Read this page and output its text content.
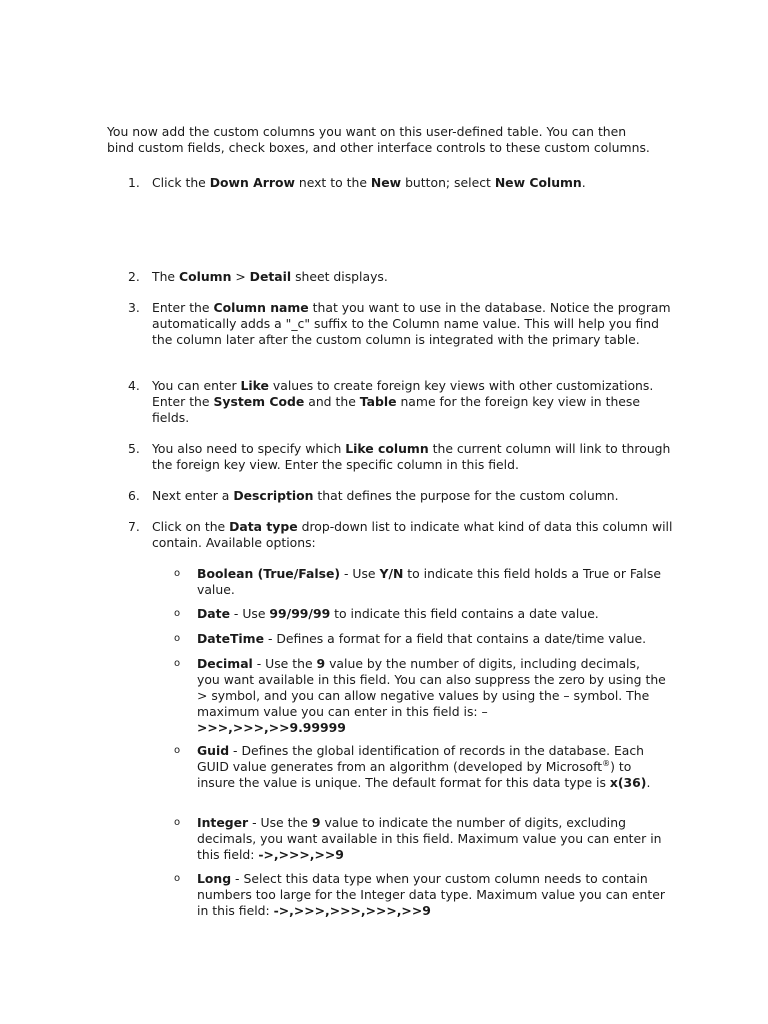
You now add the custom columns you want on this user-defined table. You can then
bind custom fields, check boxes, and other interface controls to these custom columns.

1. Click the Down Arrow next to the New button; select New Column.
2. The Column > Detail sheet displays.
3. Enter the Column name that you want to use in the database. Notice the program automatically adds a "_c" suffix to the Column name value. This will help you find the column later after the custom column is integrated with the primary table.
4. You can enter Like values to create foreign key views with other customizations. Enter the System Code and the Table name for the foreign key view in these fields.
5. You also need to specify which Like column the current column will link to through the foreign key view. Enter the specific column in this field.
6. Next enter a Description that defines the purpose for the custom column.
7. Click on the Data type drop-down list to indicate what kind of data this column will contain. Available options:
o	Boolean (True/False) - Use Y/N to indicate this field holds a True or False value.
o	Date - Use 99/99/99 to indicate this field contains a date value.
o	DateTime - Defines a format for a field that contains a date/time value.
o	Decimal - Use the 9 value by the number of digits, including decimals, you want available in this field. You can also suppress the zero by using the > symbol, and you can allow negative values by using the – symbol. The maximum value you can enter in this field is: –
>>>,>>>,>>9.99999
o	Guid - Defines the global identification of records in the database. Each GUID value generates from an algorithm (developed by Microsoft®) to insure the value is unique. The default format for this data type is x(36).
o	Integer - Use the 9 value to indicate the number of digits, excluding decimals, you want available in this field. Maximum value you can enter in this field: ->,>>>,>>9
o	Long - Select this data type when your custom column needs to contain numbers too large for the Integer data type. Maximum value you can enter in this field: ->,>>>,>>>,>>>,>>9
